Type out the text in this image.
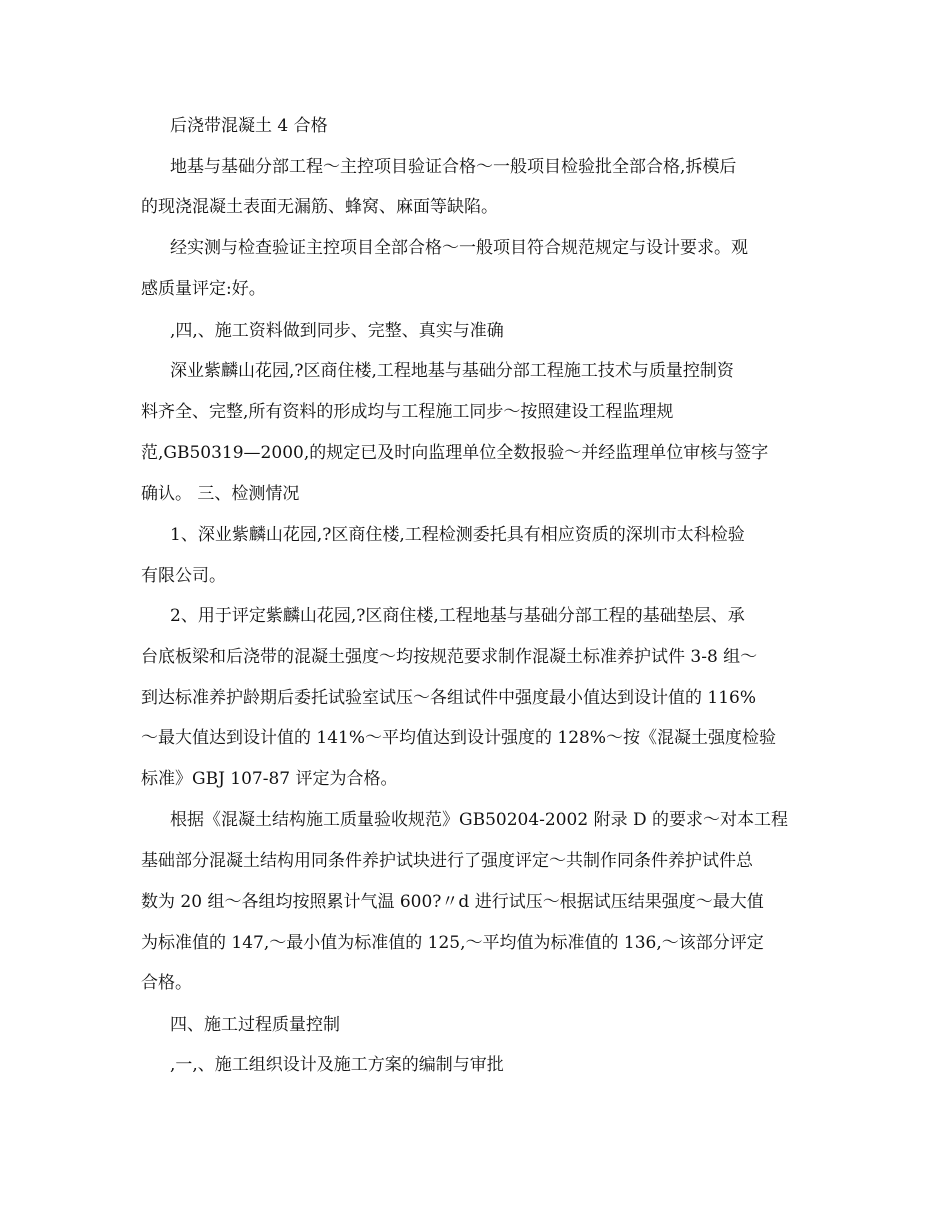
后浇带混凝土 4 合格

地基与基础分部工程～主控项目验证合格～一般项目检验批全部合格,拆模后

的现浇混凝土表面无漏筋、蜂窝、麻面等缺陷。

经实测与检查验证主控项目全部合格～一般项目符合规范规定与设计要求。观

感质量评定:好。

,四,、施工资料做到同步、完整、真实与准确

深业紫麟山花园,?区商住楼,工程地基与基础分部工程施工技术与质量控制资

料齐全、完整,所有资料的形成均与工程施工同步～按照建设工程监理规

范,GB50319—2000,的规定已及时向监理单位全数报验～并经监理单位审核与签字

确认。 三、检测情况

1、深业紫麟山花园,?区商住楼,工程检测委托具有相应资质的深圳市太科检验

有限公司。

2、用于评定紫麟山花园,?区商住楼,工程地基与基础分部工程的基础垫层、承

台底板梁和后浇带的混凝土强度～均按规范要求制作混凝土标准养护试件 3-8 组～

到达标准养护龄期后委托试验室试压～各组试件中强度最小值达到设计值的 116%

～最大值达到设计值的 141%～平均值达到设计强度的 128%～按《混凝土强度检验

标准》GBJ 107-87 评定为合格。

根据《混凝土结构施工质量验收规范》GB50204-2002 附录 D 的要求～对本工程

基础部分混凝土结构用同条件养护试块进行了强度评定～共制作同条件养护试件总

数为 20 组～各组均按照累计气温 600?〃d 进行试压～根据试压结果强度～最大值

为标准值的 147,～最小值为标准值的 125,～平均值为标准值的 136,～该部分评定

合格。

四、施工过程质量控制

,一,、施工组织设计及施工方案的编制与审批
